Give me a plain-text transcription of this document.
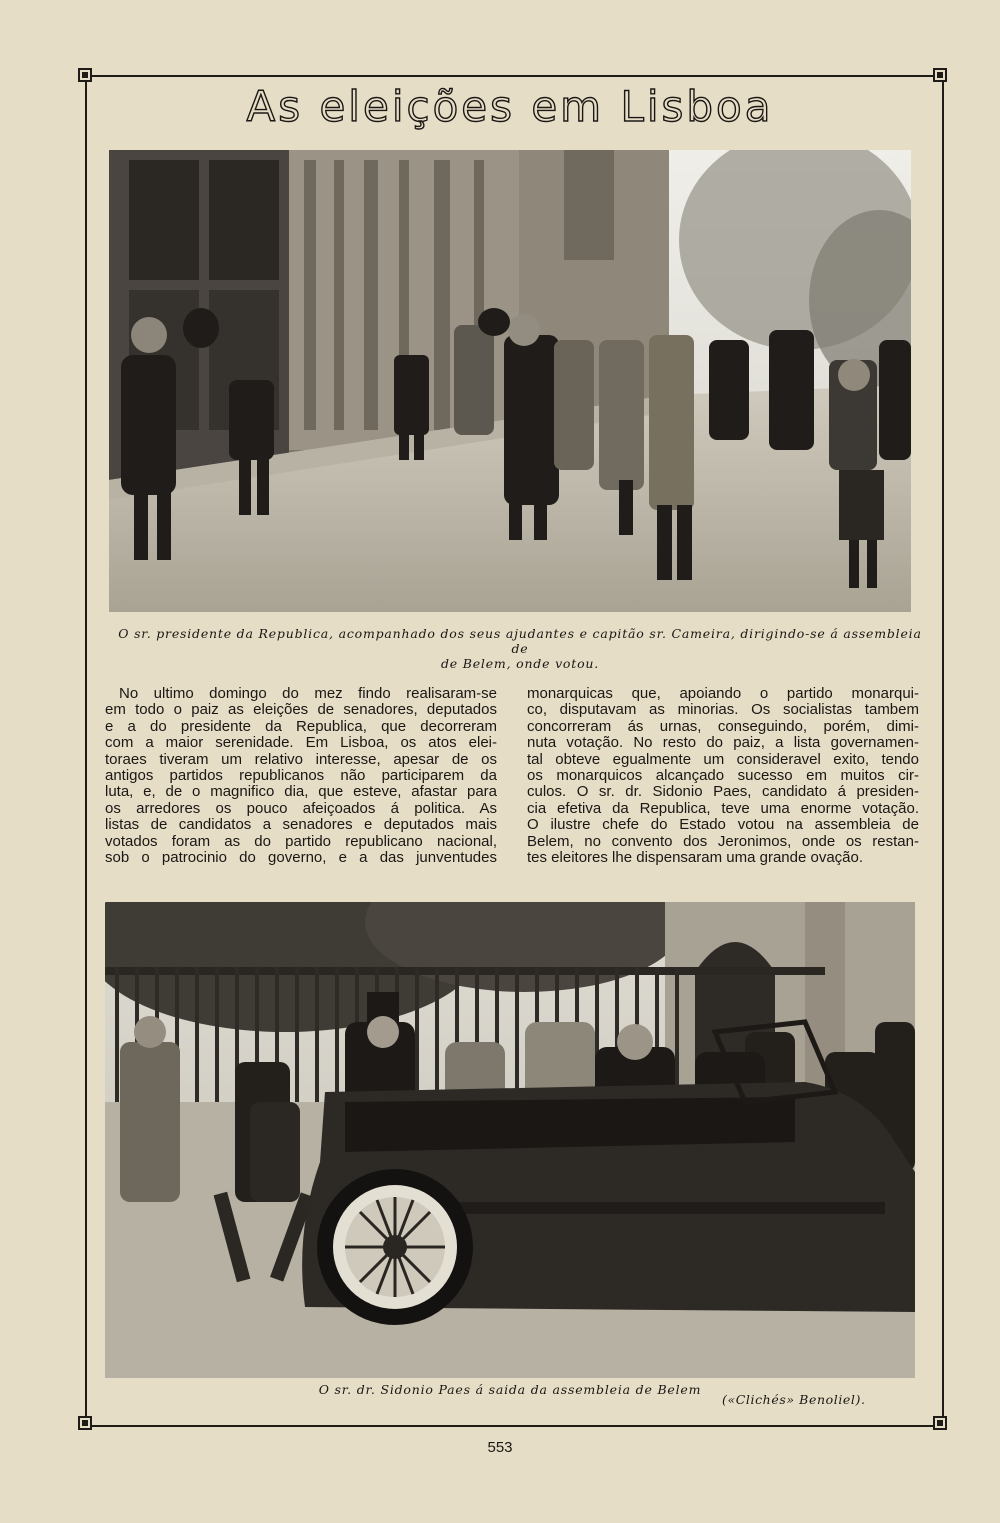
As eleições em Lisboa
O sr. presidente da Republica, acompanhado dos seus ajudantes e capitão sr. Cameira, dirigindo-se á assembleia de
de Belem, onde votou.
No ultimo domingo do mez findo realisaram-se
em todo o paiz as eleições de senadores, deputados
e a do presidente da Republica, que decorreram
com a maior serenidade. Em Lisboa, os atos elei-
toraes tiveram um relativo interesse, apesar de os
antigos partidos republicanos não participarem da
luta, e, de o magnifico dia, que esteve, afastar para
os arredores os pouco afeiçoados á politica. As
listas de candidatos a senadores e deputados mais
votados foram as do partido republicano nacional,
sob o patrocinio do governo, e a das junventudes
monarquicas que, apoiando o partido monarqui-
co, disputavam as minorias. Os socialistas tambem
concorreram ás urnas, conseguindo, porém, dimi-
nuta votação. No resto do paiz, a lista governamen-
tal obteve egualmente um consideravel exito, tendo
os monarquicos alcançado sucesso em muitos cir-
culos. O sr. dr. Sidonio Paes, candidato á presiden-
cia efetiva da Republica, teve uma enorme votação.
O ilustre chefe do Estado votou na assembleia de
Belem, no convento dos Jeronimos, onde os restan-
tes eleitores lhe dispensaram uma grande ovação.
O sr. dr. Sidonio Paes á saida da assembleia de Belem
(«Clichés» Benoliel).
553
